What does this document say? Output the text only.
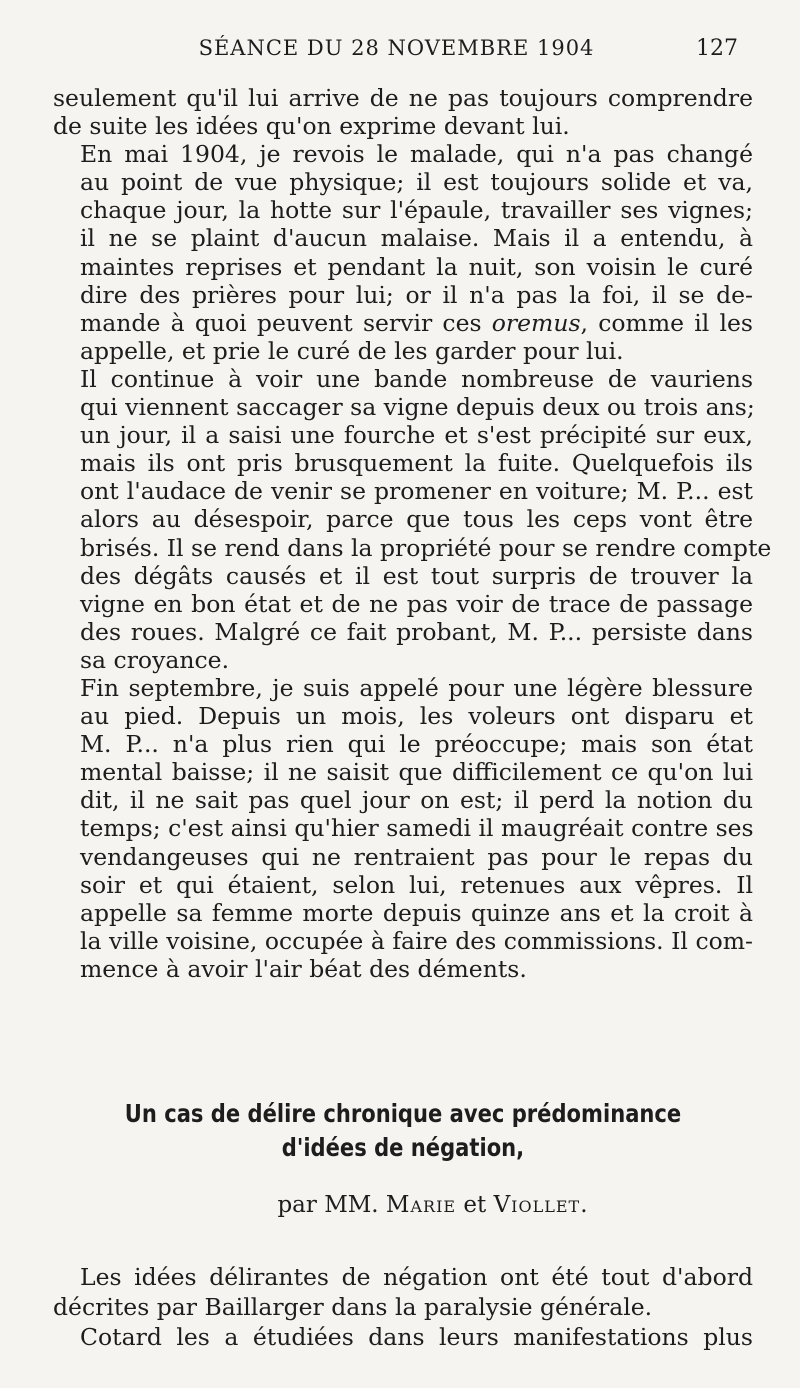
SÉANCE DU 28 NOVEMBRE 1904	127
seulement qu'il lui arrive de ne pas toujours comprendre
de suite les idées qu'on exprime devant lui.
En mai 1904, je revois le malade, qui n'a pas changé
au point de vue physique; il est toujours solide et va,
chaque jour, la hotte sur l'épaule, travailler ses vignes;
il ne se plaint d'aucun malaise. Mais il a entendu, à
maintes reprises et pendant la nuit, son voisin le curé
dire des prières pour lui; or il n'a pas la foi, il se de-
mande à quoi peuvent servir ces oremus, comme il les
appelle, et prie le curé de les garder pour lui.
Il continue à voir une bande nombreuse de vauriens
qui viennent saccager sa vigne depuis deux ou trois ans;
un jour, il a saisi une fourche et s'est précipité sur eux,
mais ils ont pris brusquement la fuite. Quelquefois ils
ont l'audace de venir se promener en voiture; M. P... est
alors au désespoir, parce que tous les ceps vont être
brisés. Il se rend dans la propriété pour se rendre compte
des dégâts causés et il est tout surpris de trouver la
vigne en bon état et de ne pas voir de trace de passage
des roues. Malgré ce fait probant, M. P... persiste dans
sa croyance.
Fin septembre, je suis appelé pour une légère blessure
au pied. Depuis un mois, les voleurs ont disparu et
M. P... n'a plus rien qui le préoccupe; mais son état
mental baisse; il ne saisit que difficilement ce qu'on lui
dit, il ne sait pas quel jour on est; il perd la notion du
temps; c'est ainsi qu'hier samedi il maugréait contre ses
vendangeuses qui ne rentraient pas pour le repas du
soir et qui étaient, selon lui, retenues aux vêpres. Il
appelle sa femme morte depuis quinze ans et la croit à
la ville voisine, occupée à faire des commissions. Il com-
mence à avoir l'air béat des déments.
Un cas de délire chronique avec prédominance
d'idées de négation,
par MM. Marie et Viollet.
Les idées délirantes de négation ont été tout d'abord
décrites par Baillarger dans la paralysie générale.
Cotard les a étudiées dans leurs manifestations plus
